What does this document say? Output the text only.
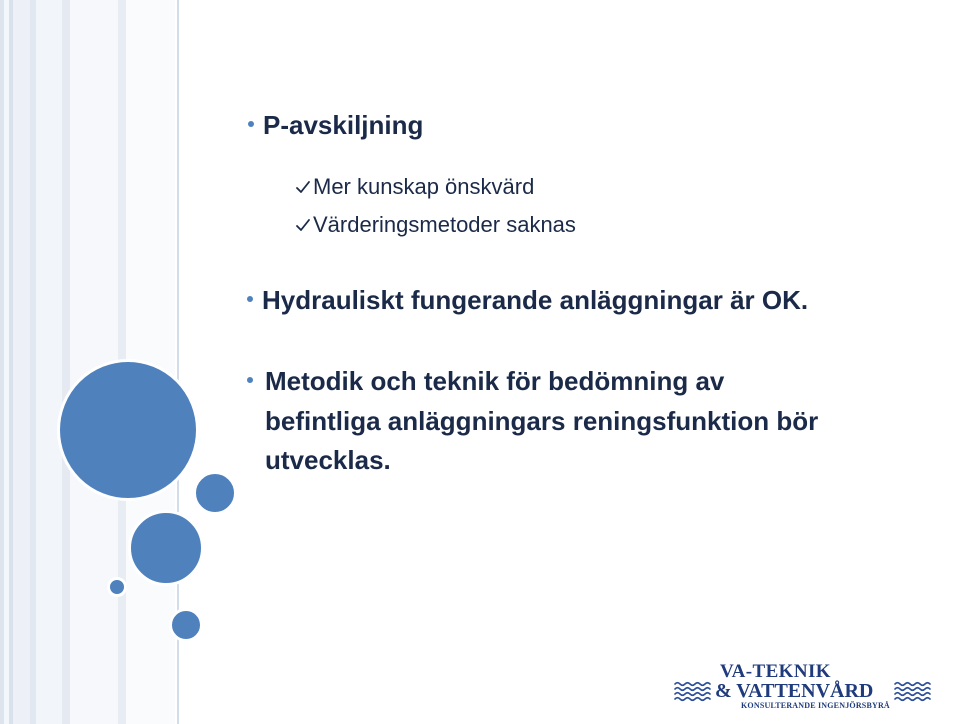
P-avskiljning
Mer kunskap önskvärd
Värderingsmetoder saknas
Hydrauliskt fungerande anläggningar är OK.
Metodik och teknik för bedömning av befintliga anläggningars reningsfunktion bör utvecklas.
VA-TEKNIK
& VATTENVÅRD
KONSULTERANDE INGENJÖRSBYRÅ
